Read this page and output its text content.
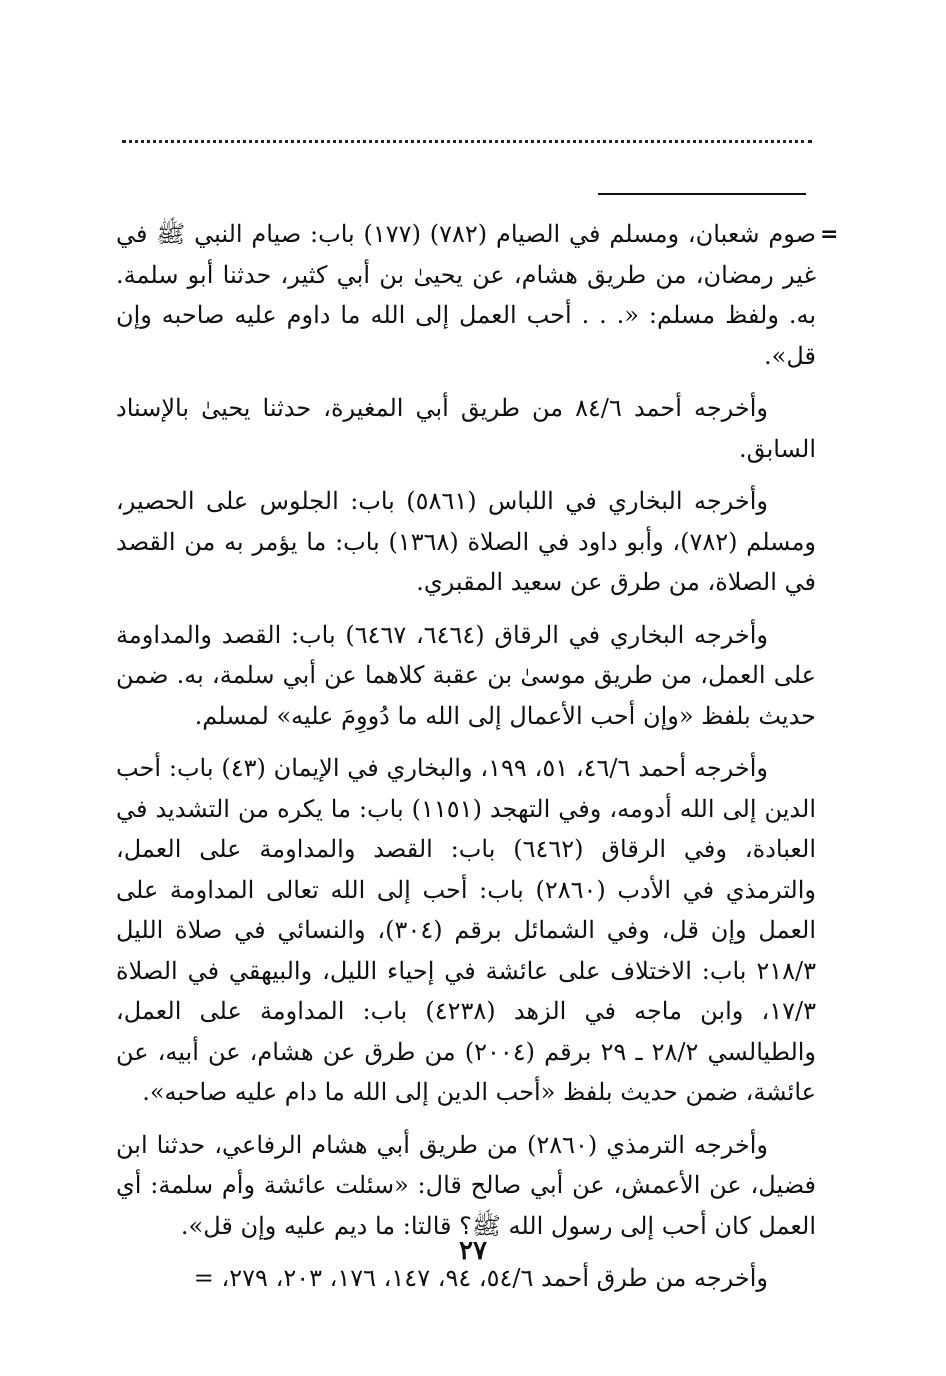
=

صوم شعبان، ومسلم في الصيام (٧٨٢) (١٧٧) باب: صيام النبي ﷺ في غير رمضان، من طريق هشام، عن يحيىٰ بن أبي كثير، حدثنا أبو سلمة. به. ولفظ مسلم: «. . . أحب العمل إلى الله ما داوم عليه صاحبه وإن قل».

وأخرجه أحمد ٨٤/٦ من طريق أبي المغيرة، حدثنا يحيىٰ بالإسناد السابق.

وأخرجه البخاري في اللباس (٥٨٦١) باب: الجلوس على الحصير، ومسلم (٧٨٢)، وأبو داود في الصلاة (١٣٦٨) باب: ما يؤمر به من القصد في الصلاة، من طرق عن سعيد المقبري.

وأخرجه البخاري في الرقاق (٦٤٦٤، ٦٤٦٧) باب: القصد والمداومة على العمل، من طريق موسىٰ بن عقبة كلاهما عن أبي سلمة، به. ضمن حديث بلفظ «وإن أحب الأعمال إلى الله ما دُووِمَ عليه» لمسلم.

وأخرجه أحمد ٤٦/٦، ٥١، ١٩٩، والبخاري في الإيمان (٤٣) باب: أحب الدين إلى الله أدومه، وفي التهجد (١١٥١) باب: ما يكره من التشديد في العبادة، وفي الرقاق (٦٤٦٢) باب: القصد والمداومة على العمل، والترمذي في الأدب (٢٨٦٠) باب: أحب إلى الله تعالى المداومة على العمل وإن قل، وفي الشمائل برقم (٣٠٤)، والنسائي في صلاة الليل ٢١٨/٣ باب: الاختلاف على عائشة في إحياء الليل، والبيهقي في الصلاة ١٧/٣، وابن ماجه في الزهد (٤٢٣٨) باب: المداومة على العمل، والطيالسي ٢٨/٢ ـ ٢٩ برقم (٢٠٠٤) من طرق عن هشام، عن أبيه، عن عائشة، ضمن حديث بلفظ «أحب الدين إلى الله ما دام عليه صاحبه».

وأخرجه الترمذي (٢٨٦٠) من طريق أبي هشام الرفاعي، حدثنا ابن فضيل، عن الأعمش، عن أبي صالح قال: «سئلت عائشة وأم سلمة: أي العمل كان أحب إلى رسول الله ﷺ؟ قالتا: ما ديم عليه وإن قل».

وأخرجه من طرق أحمد ٥٤/٦، ٩٤، ١٤٧، ١٧٦، ٢٠٣، ٢٧٩، =

٢٧
